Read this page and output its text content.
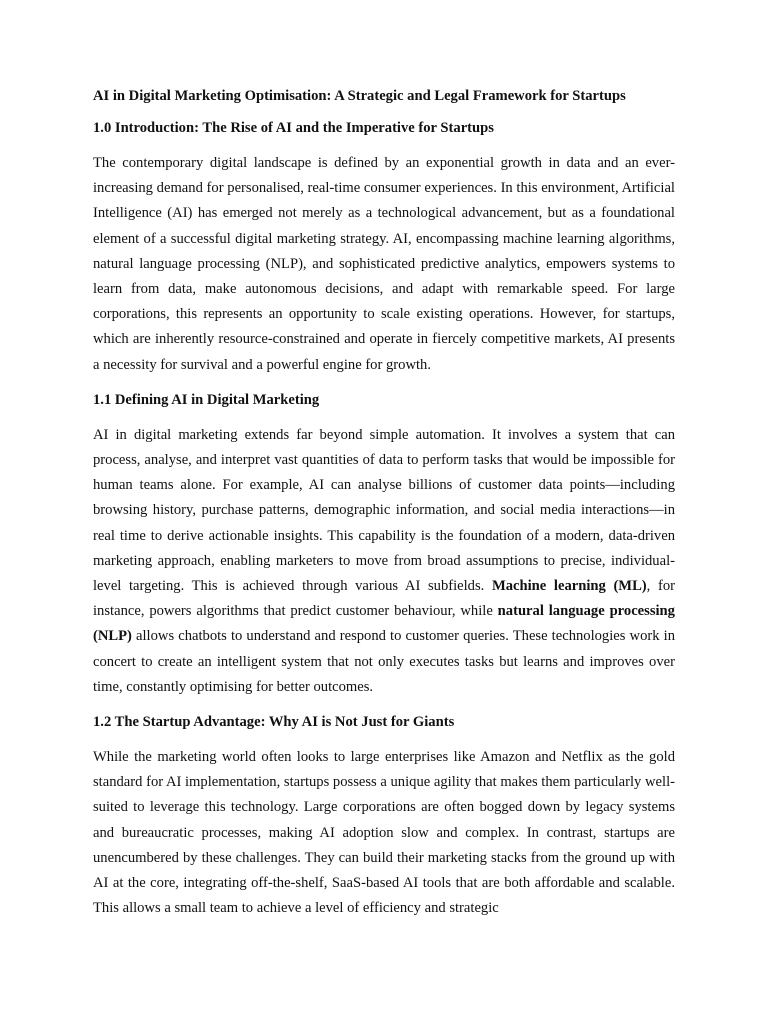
AI in Digital Marketing Optimisation: A Strategic and Legal Framework for Startups

1.0 Introduction: The Rise of AI and the Imperative for Startups

The contemporary digital landscape is defined by an exponential growth in data and an ever-increasing demand for personalised, real-time consumer experiences. In this environment, Artificial Intelligence (AI) has emerged not merely as a technological advancement, but as a foundational element of a successful digital marketing strategy. AI, encompassing machine learning algorithms, natural language processing (NLP), and sophisticated predictive analytics, empowers systems to learn from data, make autonomous decisions, and adapt with remarkable speed. For large corporations, this represents an opportunity to scale existing operations. However, for startups, which are inherently resource-constrained and operate in fiercely competitive markets, AI presents a necessity for survival and a powerful engine for growth.

1.1 Defining AI in Digital Marketing

AI in digital marketing extends far beyond simple automation. It involves a system that can process, analyse, and interpret vast quantities of data to perform tasks that would be impossible for human teams alone. For example, AI can analyse billions of customer data points—including browsing history, purchase patterns, demographic information, and social media interactions—in real time to derive actionable insights. This capability is the foundation of a modern, data-driven marketing approach, enabling marketers to move from broad assumptions to precise, individual-level targeting. This is achieved through various AI subfields. Machine learning (ML), for instance, powers algorithms that predict customer behaviour, while natural language processing (NLP) allows chatbots to understand and respond to customer queries. These technologies work in concert to create an intelligent system that not only executes tasks but learns and improves over time, constantly optimising for better outcomes.

1.2 The Startup Advantage: Why AI is Not Just for Giants

While the marketing world often looks to large enterprises like Amazon and Netflix as the gold standard for AI implementation, startups possess a unique agility that makes them particularly well-suited to leverage this technology. Large corporations are often bogged down by legacy systems and bureaucratic processes, making AI adoption slow and complex. In contrast, startups are unencumbered by these challenges. They can build their marketing stacks from the ground up with AI at the core, integrating off-the-shelf, SaaS-based AI tools that are both affordable and scalable. This allows a small team to achieve a level of efficiency and strategic
